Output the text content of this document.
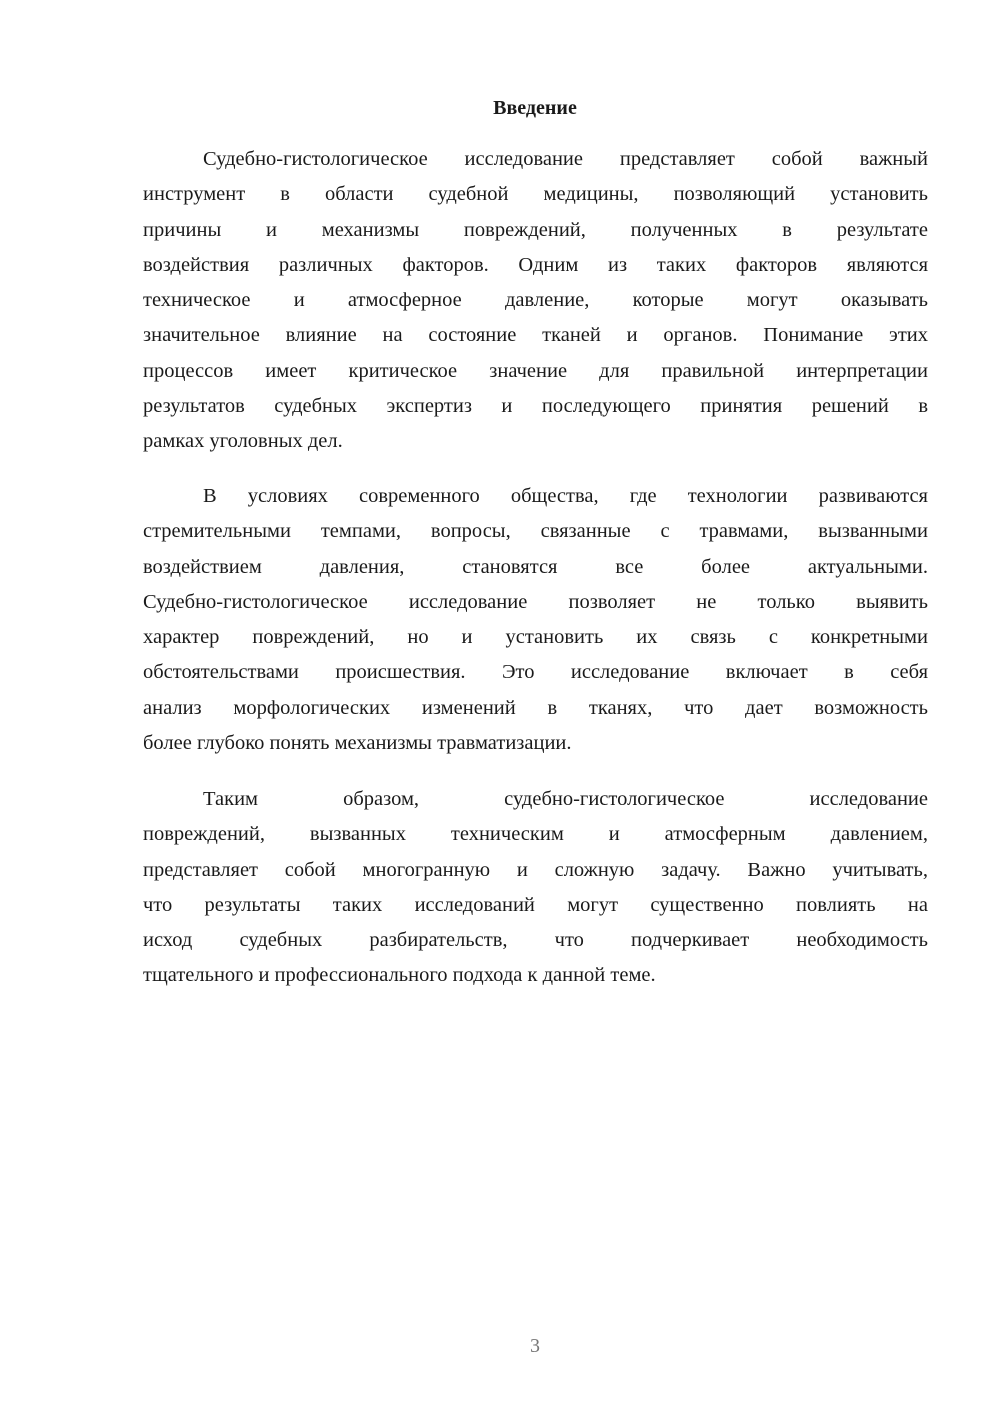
Введение
Судебно-гистологическое исследование представляет собой важный
инструмент в области судебной медицины, позволяющий установить
причины и механизмы повреждений, полученных в результате
воздействия различных факторов. Одним из таких факторов являются
техническое и атмосферное давление, которые могут оказывать
значительное влияние на состояние тканей и органов. Понимание этих
процессов имеет критическое значение для правильной интерпретации
результатов судебных экспертиз и последующего принятия решений в
рамках уголовных дел.
В условиях современного общества, где технологии развиваются
стремительными темпами, вопросы, связанные с травмами, вызванными
воздействием давления, становятся все более актуальными.
Судебно-гистологическое исследование позволяет не только выявить
характер повреждений, но и установить их связь с конкретными
обстоятельствами происшествия. Это исследование включает в себя
анализ морфологических изменений в тканях, что дает возможность
более глубоко понять механизмы травматизации.
Таким образом, судебно-гистологическое исследование
повреждений, вызванных техническим и атмосферным давлением,
представляет собой многогранную и сложную задачу. Важно учитывать,
что результаты таких исследований могут существенно повлиять на
исход судебных разбирательств, что подчеркивает необходимость
тщательного и профессионального подхода к данной теме.
3
